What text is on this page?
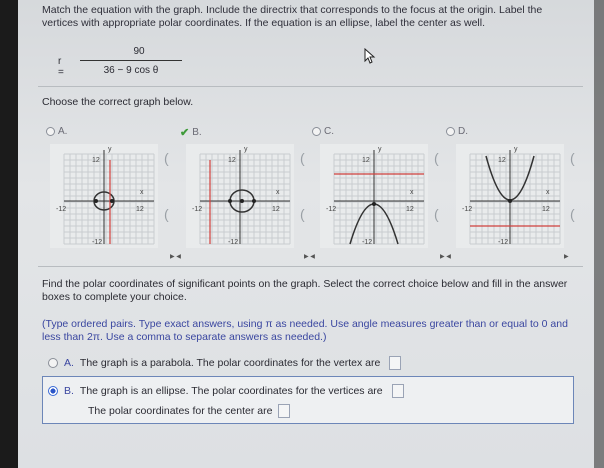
Match the equation with the graph. Include the directrix that corresponds to the focus at the origin. Label the vertices with appropriate polar coordinates. If the equation is an ellipse, label the center as well.
r =
90
36 − 9 cos θ
Choose the correct graph below.
A.	✔ B.	C.	D.
y
x
12
12
-12
-12
y
x
12
12
-12
-12
y
x
12
12
-12
-12
y
x
12
12
-12
-12
(
(
(
(
(
(
(
(
▶ ◀	▶ ◀	▶ ◀	▶
Find the polar coordinates of significant points on the graph. Select the correct choice below and fill in the answer boxes to complete your choice.
(Type ordered pairs. Type exact answers, using π as needed. Use angle measures greater than or equal to 0 and less than 2π. Use a comma to separate answers as needed.)
A. The graph is a parabola. The polar coordinates for the vertex are
B. The graph is an ellipse. The polar coordinates for the vertices are
The polar coordinates for the center are
